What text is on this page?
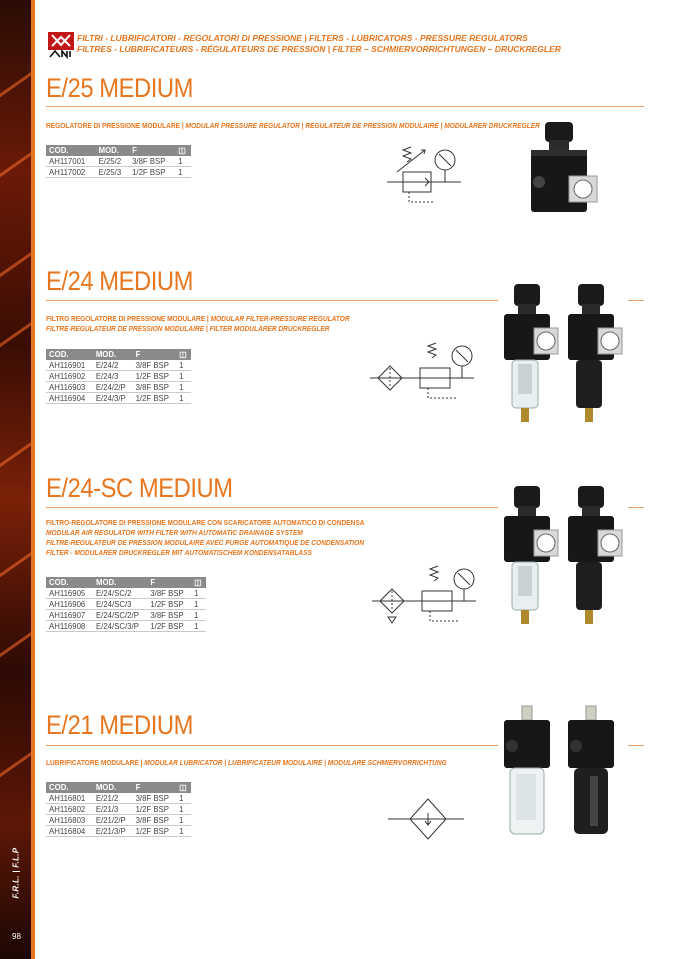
F.R.L. | F.L.P
98
FILTRI - LUBRIFICATORI - REGOLATORI DI PRESSIONE | FILTERS - LUBRICATORS - PRESSURE REGULATORS
FILTRES - LUBRIFICATEURS - RÉGULATEURS DE PRESSION | FILTER – SCHMIERVORRICHTUNGEN – DRUCKREGLER
E/25 MEDIUM
REGOLATORE DI PRESSIONE MODULARE | MODULAR PRESSURE REGULATOR | REGULATEUR DE PRESSION MODULAIRE | MODULARER DRUCKREGLER
COD.	MOD.	F	◫
AH117001	E/25/2	3/8F BSP	1
AH117002	E/25/3	1/2F BSP	1
E/24 MEDIUM
FILTRO REGOLATORE DI PRESSIONE MODULARE | MODULAR FILTER-PRESSURE REGULATOR
FILTRE-REGULATEUR DE PRESSION MODULAIRE | FILTER MODULARER DRUCKREGLER
COD.	MOD.	F	◫
AH116901	E/24/2	3/8F BSP	1
AH116902	E/24/3	1/2F BSP	1
AH116903	E/24/2/P	3/8F BSP	1
AH116904	E/24/3/P	1/2F BSP	1
E/24-SC MEDIUM
FILTRO-REGOLATORE DI PRESSIONE MODULARE CON SCARICATORE AUTOMATICO DI CONDENSA
MODULAR AIR REGULATOR WITH FILTER WITH AUTOMATIC DRAINAGE SYSTEM
FILTRE-REGULATEUR DE PRESSION MODULAIRE AVEC PURGE AUTOMATIQUE DE CONDENSATION
FILTER - MODULARER DRUCKREGLER MIT AUTOMATISCHEM KONDENSATABLASS
COD.	MOD.	F	◫
AH116905	E/24/SC/2	3/8F BSP	1
AH116906	E/24/SC/3	1/2F BSP	1
AH116907	E/24/SC/2/P	3/8F BSP	1
AH116908	E/24/SC/3/P	1/2F BSP	1
E/21 MEDIUM
LUBRIFICATORE MODULARE | MODULAR LUBRICATOR | LUBRIFICATEUR MODULAIRE | MODULARE SCHMIERVORRICHTUNG
COD.	MOD.	F	◫
AH116801	E/21/2	3/8F BSP	1
AH116802	E/21/3	1/2F BSP	1
AH116803	E/21/2/P	3/8F BSP	1
AH116804	E/21/3/P	1/2F BSP	1
